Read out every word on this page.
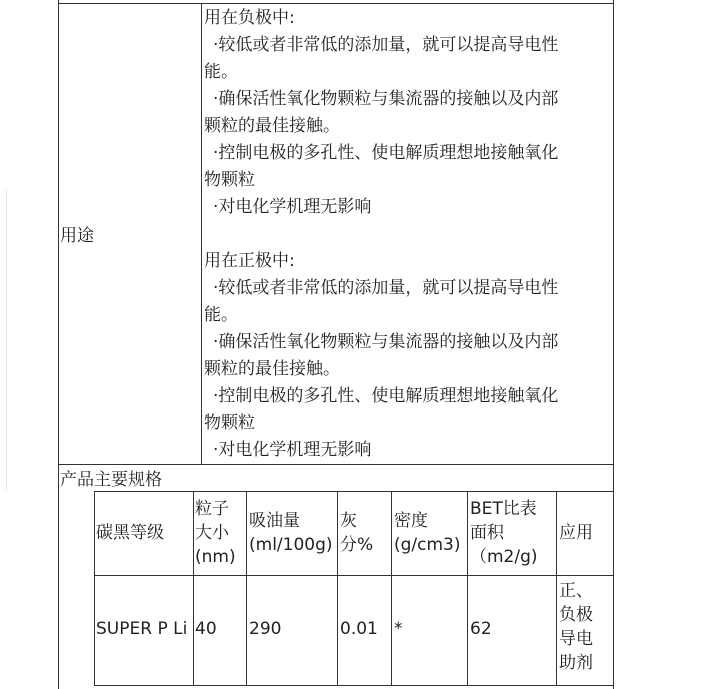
用途
用在负极中:
·较低或者非常低的添加量，就可以提高导电性
能。
·确保活性氧化物颗粒与集流器的接触以及内部
颗粒的最佳接触。
·控制电极的多孔性、使电解质理想地接触氧化
物颗粒
·对电化学机理无影响
用在正极中:
·较低或者非常低的添加量，就可以提高导电性
能。
·确保活性氧化物颗粒与集流器的接触以及内部
颗粒的最佳接触。
·控制电极的多孔性、使电解质理想地接触氧化
物颗粒
·对电化学机理无影响
产品主要规格
碳黑等级
粒子
大小
(nm)
吸油量
(ml/100g)
灰
分%
密度
(g/cm3)
BET比表
面积
（m2/g)
应用
SUPER P Li 40 290	0.01 *	62
正、
负极
导电
助剂
